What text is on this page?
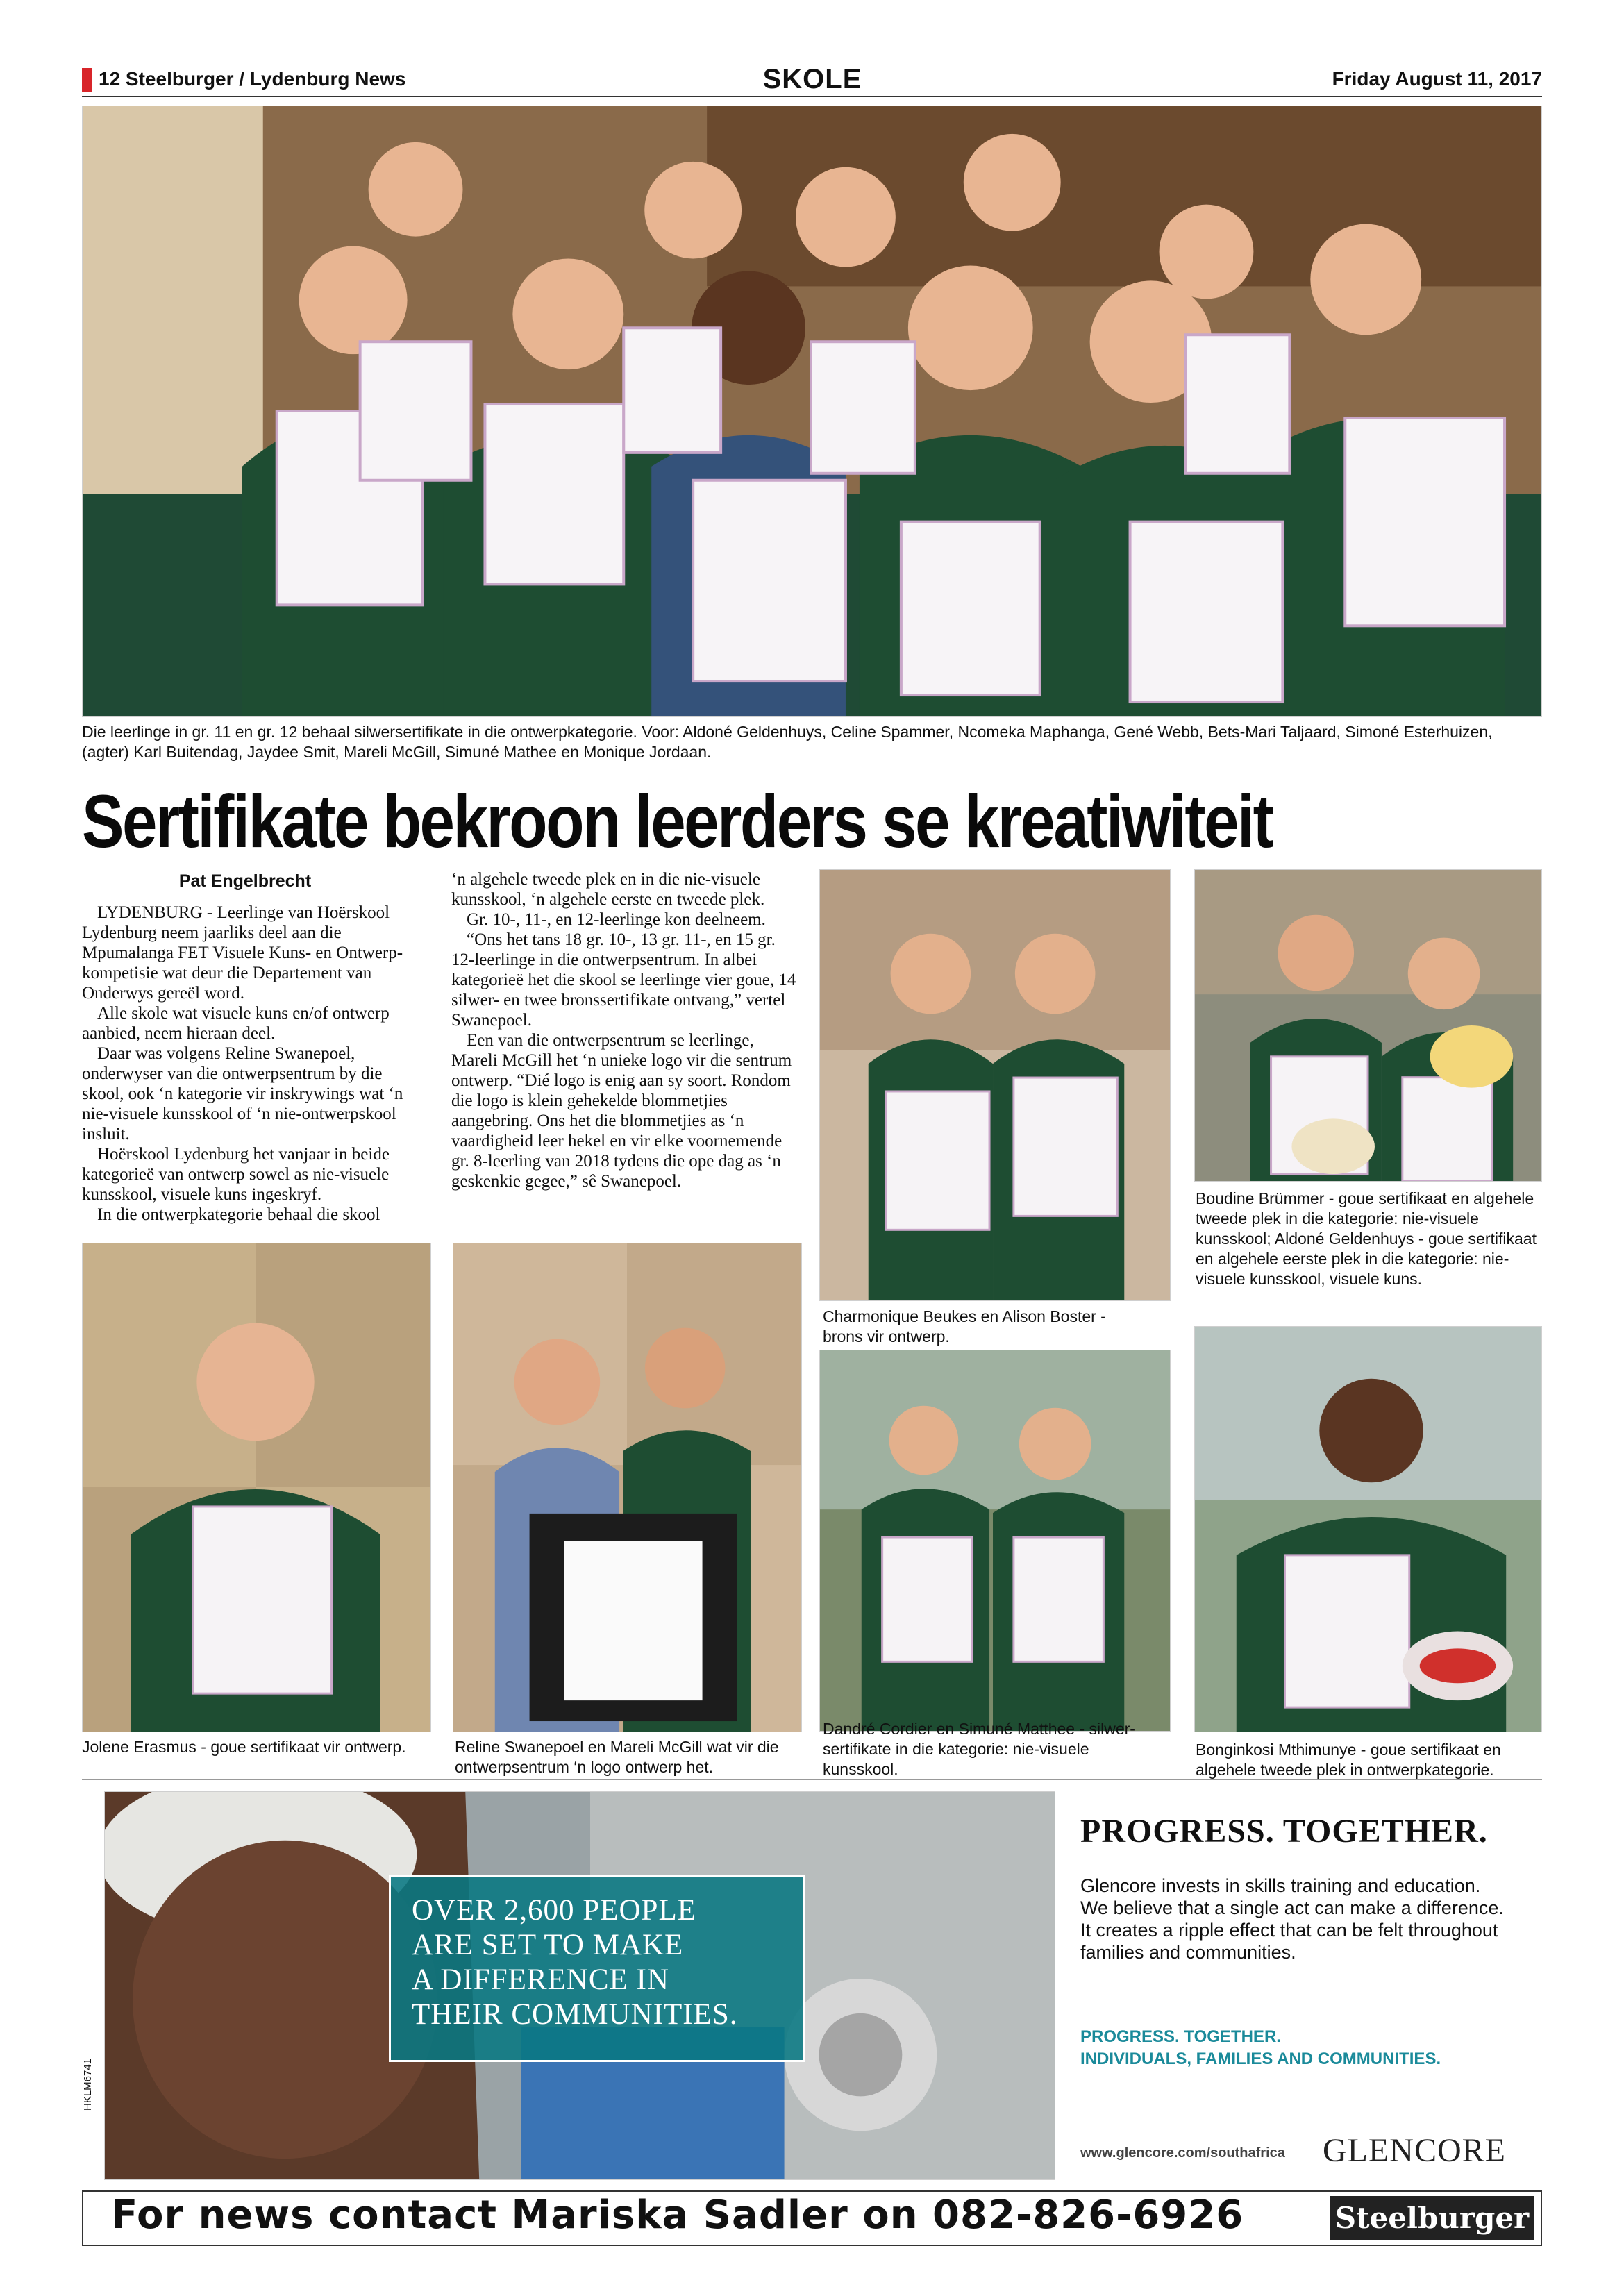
12 Steelburger / Lydenburg News	SKOLE	Friday August 11, 2017
Die leerlinge in gr. 11 en gr. 12 behaal silwersertifikate in die ontwerpkategorie. Voor: Aldoné Geldenhuys, Celine Spammer, Ncomeka Maphanga, Gené Webb, Bets-Mari Taljaard, Simoné Esterhuizen, (agter) Karl Buitendag, Jaydee Smit, Mareli McGill, Simuné Mathee en Monique Jordaan.
Sertifikate bekroon leerders se kreatiwiteit
Pat Engelbrecht

LYDENBURG - Leerlinge van Hoërskool Lydenburg neem jaarliks deel aan die Mpumalanga FET Visuele Kuns- en Ontwerp-kompetisie wat deur die Departement van Onderwys gereël word.

Alle skole wat visuele kuns en/of ontwerp aanbied, neem hieraan deel.

Daar was volgens Reline Swanepoel, onderwyser van die ontwerpsentrum by die skool, ook ‘n kategorie vir inskrywings wat ‘n nie-visuele kunsskool of ‘n nie-ontwerpskool insluit.

Hoërskool Lydenburg het vanjaar in beide kategorieë van ontwerp sowel as nie-visuele kunsskool, visuele kuns ingeskryf.

In die ontwerpkategorie behaal die skool

‘n algehele tweede plek en in die nie-visuele kunsskool, ‘n algehele eerste en tweede plek.

Gr. 10-, 11-, en 12-leerlinge kon deelneem.

“Ons het tans 18 gr. 10-, 13 gr. 11-, en 15 gr. 12-leerlinge in die ontwerpsentrum. In albei kategorieë het die skool se leerlinge vier goue, 14 silwer- en twee bronssertifikate ontvang,” vertel Swanepoel.

Een van die ontwerpsentrum se leerlinge, Mareli McGill het ‘n unieke logo vir die sentrum ontwerp. “Dié logo is enig aan sy soort. Rondom die logo is klein gehekelde blommetjies aangebring. Ons het die blommetjies as ‘n vaardigheid leer hekel en vir elke voornemende gr. 8-leerling van 2018 tydens die ope dag as ‘n geskenkie gegee,” sê Swanepoel.

Charmonique Beukes en Alison Boster - brons vir ontwerp.
Boudine Brümmer - goue sertifikaat en algehele tweede plek in die kategorie: nie-visuele kunsskool; Aldoné Geldenhuys - goue sertifikaat en algehele eerste plek in die kategorie: nie-visuele kunsskool, visuele kuns.
Jolene Erasmus - goue sertifikaat vir ontwerp.	Reline Swanepoel en Mareli McGill wat vir die ontwerpsentrum ‘n logo ontwerp het.
Dandré Cordier en Simuné Matthee - silwer-sertifikate in die kategorie: nie-visuele kunsskool.
Bonginkosi Mthimunye - goue sertifikaat en algehele tweede plek in ontwerpkategorie.
OVER 2,600 PEOPLE
ARE SET TO MAKE
A DIFFERENCE IN
THEIR COMMUNITIES.
HKLM6741
PROGRESS. TOGETHER.
Glencore invests in skills training and education. We believe that a single act can make a difference. It creates a ripple effect that can be felt throughout families and communities.
PROGRESS. TOGETHER.
INDIVIDUALS, FAMILIES AND COMMUNITIES.
www.glencore.com/southafrica GLENCORE
For news contact Mariska Sadler on 082-826-6926	Steelburger
